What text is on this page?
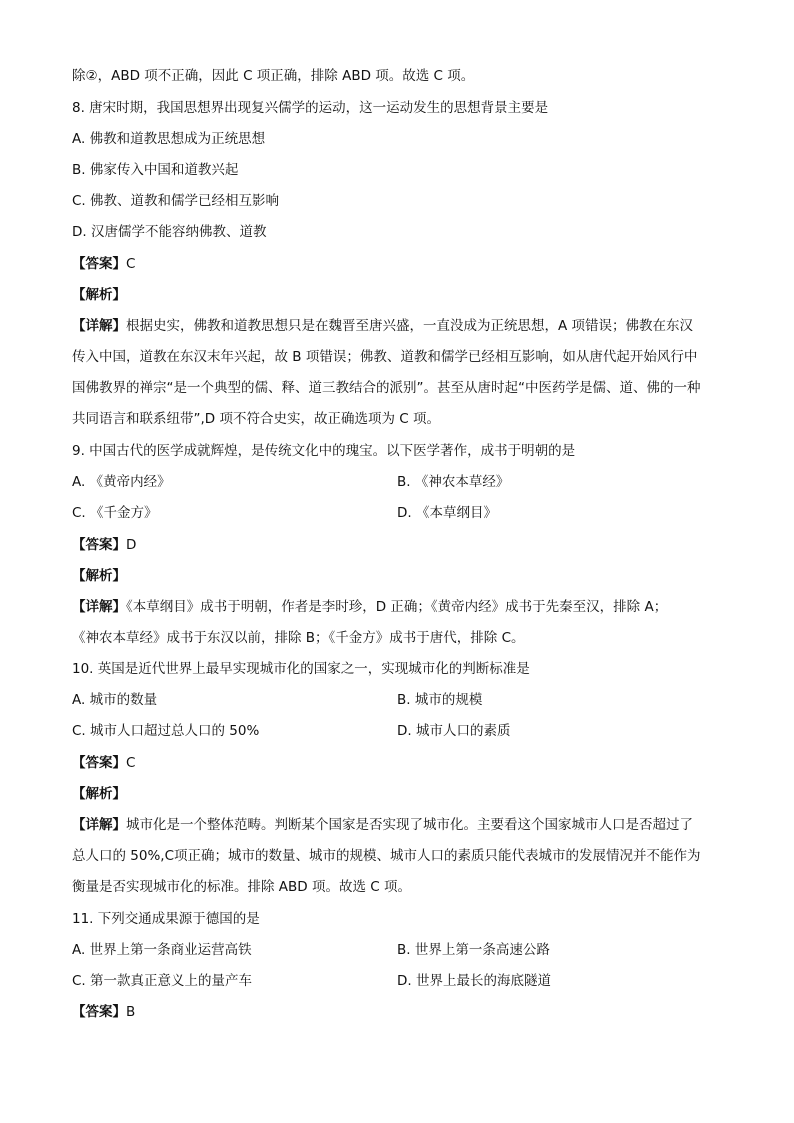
除②，ABD 项不正确，因此 C 项正确，排除 ABD 项。故选 C 项。
8. 唐宋时期，我国思想界出现复兴儒学的运动，这一运动发生的思想背景主要是
A. 佛教和道教思想成为正统思想
B. 佛家传入中国和道教兴起
C. 佛教、道教和儒学已经相互影响
D. 汉唐儒学不能容纳佛教、道教
【答案】C
【解析】
【详解】根据史实，佛教和道教思想只是在魏晋至唐兴盛，一直没成为正统思想，A 项错误；佛教在东汉
传入中国，道教在东汉末年兴起，故 B 项错误；佛教、道教和儒学已经相互影响，如从唐代起开始风行中
国佛教界的禅宗“是一个典型的儒、释、道三教结合的派别”。甚至从唐时起“中医药学是儒、道、佛的一种
共同语言和联系纽带”,D 项不符合史实，故正确选项为 C 项。
9. 中国古代的医学成就辉煌，是传统文化中的瑰宝。以下医学著作，成书于明朝的是
A. 《黄帝内经》	B. 《神农本草经》
C. 《千金方》	D. 《本草纲目》
【答案】D
【解析】
【详解】《本草纲目》成书于明朝，作者是李时珍，D 正确；《黄帝内经》成书于先秦至汉，排除 A；
《神农本草经》成书于东汉以前，排除 B；《千金方》成书于唐代，排除 C。
10. 英国是近代世界上最早实现城市化的国家之一，实现城市化的判断标准是
A. 城市的数量	B. 城市的规模
C. 城市人口超过总人口的 50%	D. 城市人口的素质
【答案】C
【解析】
【详解】城市化是一个整体范畴。判断某个国家是否实现了城市化。主要看这个国家城市人口是否超过了
总人口的 50%,C项正确；城市的数量、城市的规模、城市人口的素质只能代表城市的发展情况并不能作为
衡量是否实现城市化的标准。排除 ABD 项。故选 C 项。
11. 下列交通成果源于德国的是
A. 世界上第一条商业运营高铁	B. 世界上第一条高速公路
C. 第一款真正意义上的量产车	D. 世界上最长的海底隧道
【答案】B
